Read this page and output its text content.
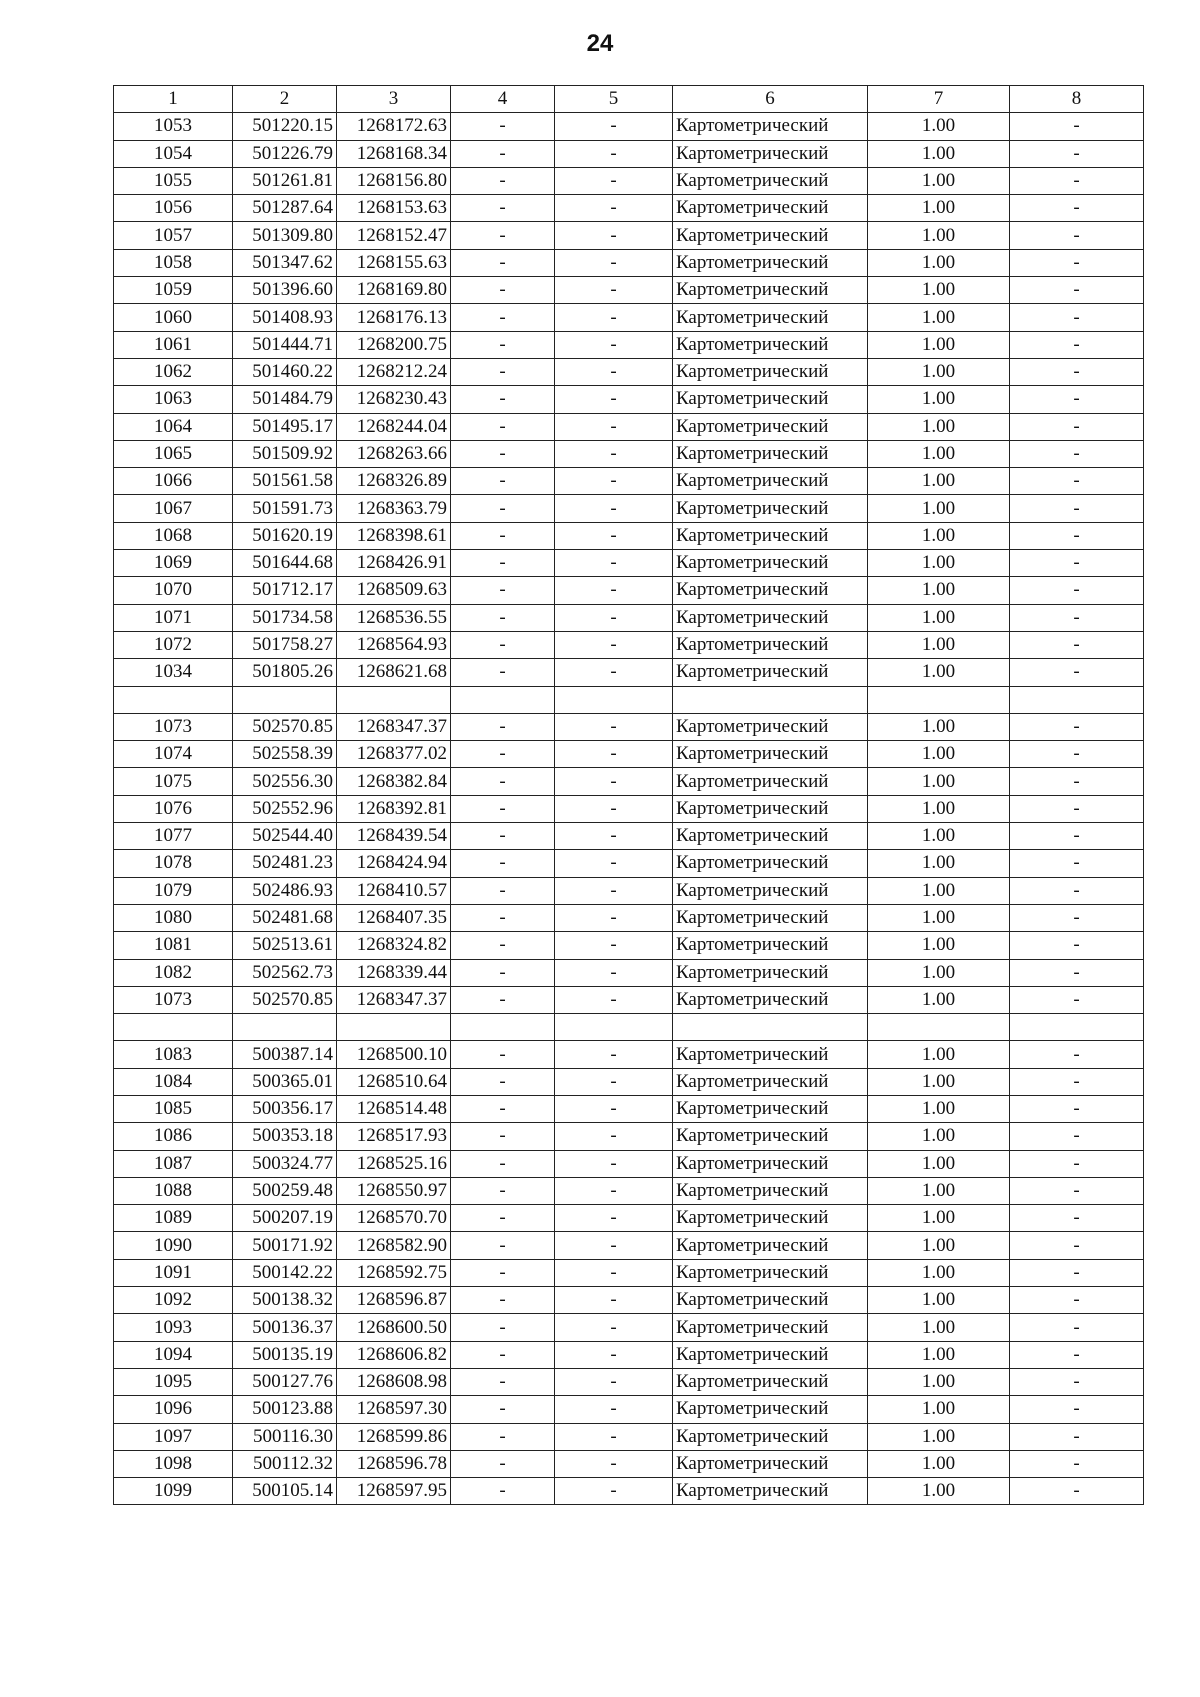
24
1	2	3	4	5	6	7	8
1053	501220.15	1268172.63	-	-	Картометрический	1.00	-
1054	501226.79	1268168.34	-	-	Картометрический	1.00	-
1055	501261.81	1268156.80	-	-	Картометрический	1.00	-
1056	501287.64	1268153.63	-	-	Картометрический	1.00	-
1057	501309.80	1268152.47	-	-	Картометрический	1.00	-
1058	501347.62	1268155.63	-	-	Картометрический	1.00	-
1059	501396.60	1268169.80	-	-	Картометрический	1.00	-
1060	501408.93	1268176.13	-	-	Картометрический	1.00	-
1061	501444.71	1268200.75	-	-	Картометрический	1.00	-
1062	501460.22	1268212.24	-	-	Картометрический	1.00	-
1063	501484.79	1268230.43	-	-	Картометрический	1.00	-
1064	501495.17	1268244.04	-	-	Картометрический	1.00	-
1065	501509.92	1268263.66	-	-	Картометрический	1.00	-
1066	501561.58	1268326.89	-	-	Картометрический	1.00	-
1067	501591.73	1268363.79	-	-	Картометрический	1.00	-
1068	501620.19	1268398.61	-	-	Картометрический	1.00	-
1069	501644.68	1268426.91	-	-	Картометрический	1.00	-
1070	501712.17	1268509.63	-	-	Картометрический	1.00	-
1071	501734.58	1268536.55	-	-	Картометрический	1.00	-
1072	501758.27	1268564.93	-	-	Картометрический	1.00	-
1034	501805.26	1268621.68	-	-	Картометрический	1.00	-

1073	502570.85	1268347.37	-	-	Картометрический	1.00	-
1074	502558.39	1268377.02	-	-	Картометрический	1.00	-
1075	502556.30	1268382.84	-	-	Картометрический	1.00	-
1076	502552.96	1268392.81	-	-	Картометрический	1.00	-
1077	502544.40	1268439.54	-	-	Картометрический	1.00	-
1078	502481.23	1268424.94	-	-	Картометрический	1.00	-
1079	502486.93	1268410.57	-	-	Картометрический	1.00	-
1080	502481.68	1268407.35	-	-	Картометрический	1.00	-
1081	502513.61	1268324.82	-	-	Картометрический	1.00	-
1082	502562.73	1268339.44	-	-	Картометрический	1.00	-
1073	502570.85	1268347.37	-	-	Картометрический	1.00	-

1083	500387.14	1268500.10	-	-	Картометрический	1.00	-
1084	500365.01	1268510.64	-	-	Картометрический	1.00	-
1085	500356.17	1268514.48	-	-	Картометрический	1.00	-
1086	500353.18	1268517.93	-	-	Картометрический	1.00	-
1087	500324.77	1268525.16	-	-	Картометрический	1.00	-
1088	500259.48	1268550.97	-	-	Картометрический	1.00	-
1089	500207.19	1268570.70	-	-	Картометрический	1.00	-
1090	500171.92	1268582.90	-	-	Картометрический	1.00	-
1091	500142.22	1268592.75	-	-	Картометрический	1.00	-
1092	500138.32	1268596.87	-	-	Картометрический	1.00	-
1093	500136.37	1268600.50	-	-	Картометрический	1.00	-
1094	500135.19	1268606.82	-	-	Картометрический	1.00	-
1095	500127.76	1268608.98	-	-	Картометрический	1.00	-
1096	500123.88	1268597.30	-	-	Картометрический	1.00	-
1097	500116.30	1268599.86	-	-	Картометрический	1.00	-
1098	500112.32	1268596.78	-	-	Картометрический	1.00	-
1099	500105.14	1268597.95	-	-	Картометрический	1.00	-
